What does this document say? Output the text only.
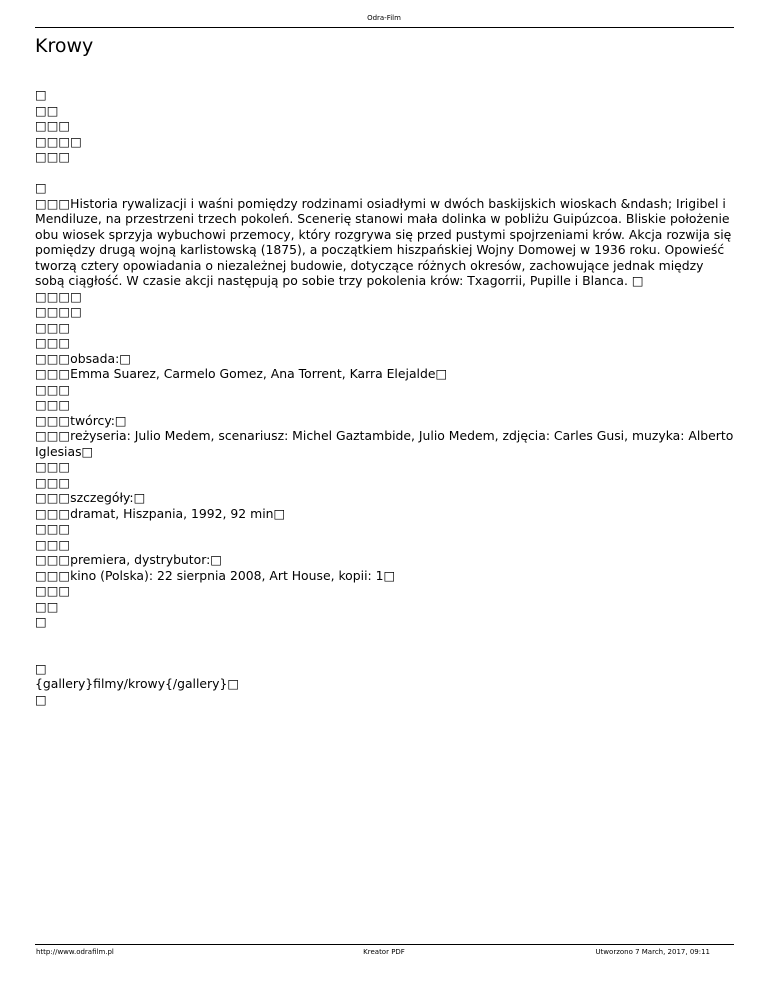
Odra-Film
Krowy
□
□□
□□□
□□□□
□□□
□
□□□Historia rywalizacji i waśni pomiędzy rodzinami osiadłymi w dwóch baskijskich wioskach &ndash; Irigibel i Mendiluze, na przestrzeni trzech pokoleń. Scenerię stanowi mała dolinka w pobliżu Guipúzcoa. Bliskie położenie obu wiosek sprzyja wybuchowi przemocy, który rozgrywa się przed pustymi spojrzeniami krów. Akcja rozwija się pomiędzy drugą wojną karlistowską (1875), a początkiem hiszpańskiej Wojny Domowej w 1936 roku. Opowieść tworzą cztery opowiadania o niezależnej budowie, dotyczące różnych okresów, zachowujące jednak między sobą ciągłość. W czasie akcji następują po sobie trzy pokolenia krów: Txagorrii, Pupille i Blanca. □
□□□□
□□□□
□□□
□□□
□□□obsada:□
□□□Emma Suarez, Carmelo Gomez, Ana Torrent, Karra Elejalde□
□□□
□□□
□□□twórcy:□
□□□reżyseria: Julio Medem, scenariusz: Michel Gaztambide, Julio Medem, zdjęcia: Carles Gusi, muzyka: Alberto Iglesias□
□□□
□□□
□□□szczegóły:□
□□□dramat, Hiszpania, 1992, 92 min□
□□□
□□□
□□□premiera, dystrybutor:□
□□□kino (Polska): 22 sierpnia 2008, Art House, kopii: 1□
□□□
□□
□
□
{gallery}filmy/krowy{/gallery}□
□
http://www.odrafilm.pl	Kreator PDF	Utworzono 7 March, 2017, 09:11
